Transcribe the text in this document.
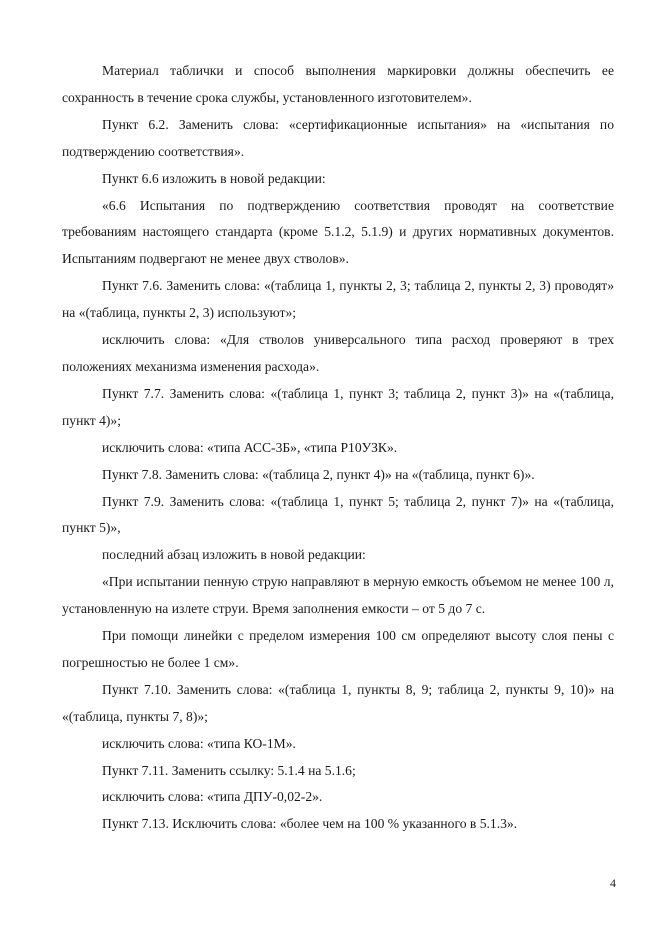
Материал таблички и способ выполнения маркировки должны обеспечить ее сохранность в течение срока службы, установленного изготовителем».

Пункт 6.2. Заменить слова: «сертификационные испытания» на «испытания по подтверждению соответствия».

Пункт 6.6 изложить в новой редакции:

«6.6 Испытания по подтверждению соответствия проводят на соответствие требованиям настоящего стандарта (кроме 5.1.2, 5.1.9) и других нормативных документов. Испытаниям подвергают не менее двух стволов».

Пункт 7.6. Заменить слова: «(таблица 1, пункты 2, 3; таблица 2, пункты 2, 3) проводят» на «(таблица, пункты 2, 3) используют»;

исключить слова: «Для стволов универсального типа расход проверяют в трех положениях механизма изменения расхода».

Пункт 7.7. Заменить слова: «(таблица 1, пункт 3; таблица 2, пункт 3)» на «(таблица, пункт 4)»;

исключить слова: «типа АСС-3Б», «типа Р10УЗК».

Пункт 7.8. Заменить слова: «(таблица 2, пункт 4)» на «(таблица, пункт 6)».

Пункт 7.9. Заменить слова: «(таблица 1, пункт 5; таблица 2, пункт 7)» на «(таблица, пункт 5)»,

последний абзац изложить в новой редакции:

«При испытании пенную струю направляют в мерную емкость объемом не менее 100 л, установленную на излете струи. Время заполнения емкости – от 5 до 7 с.

При помощи линейки с пределом измерения 100 см определяют высоту слоя пены с погрешностью не более 1 см».

Пункт 7.10. Заменить слова: «(таблица 1, пункты 8, 9; таблица 2, пункты 9, 10)» на «(таблица, пункты 7, 8)»;

исключить слова: «типа КО-1М».

Пункт 7.11. Заменить ссылку: 5.1.4 на 5.1.6;

исключить слова: «типа ДПУ-0,02-2».

Пункт 7.13. Исключить слова: «более чем на 100 % указанного в 5.1.3».

4
